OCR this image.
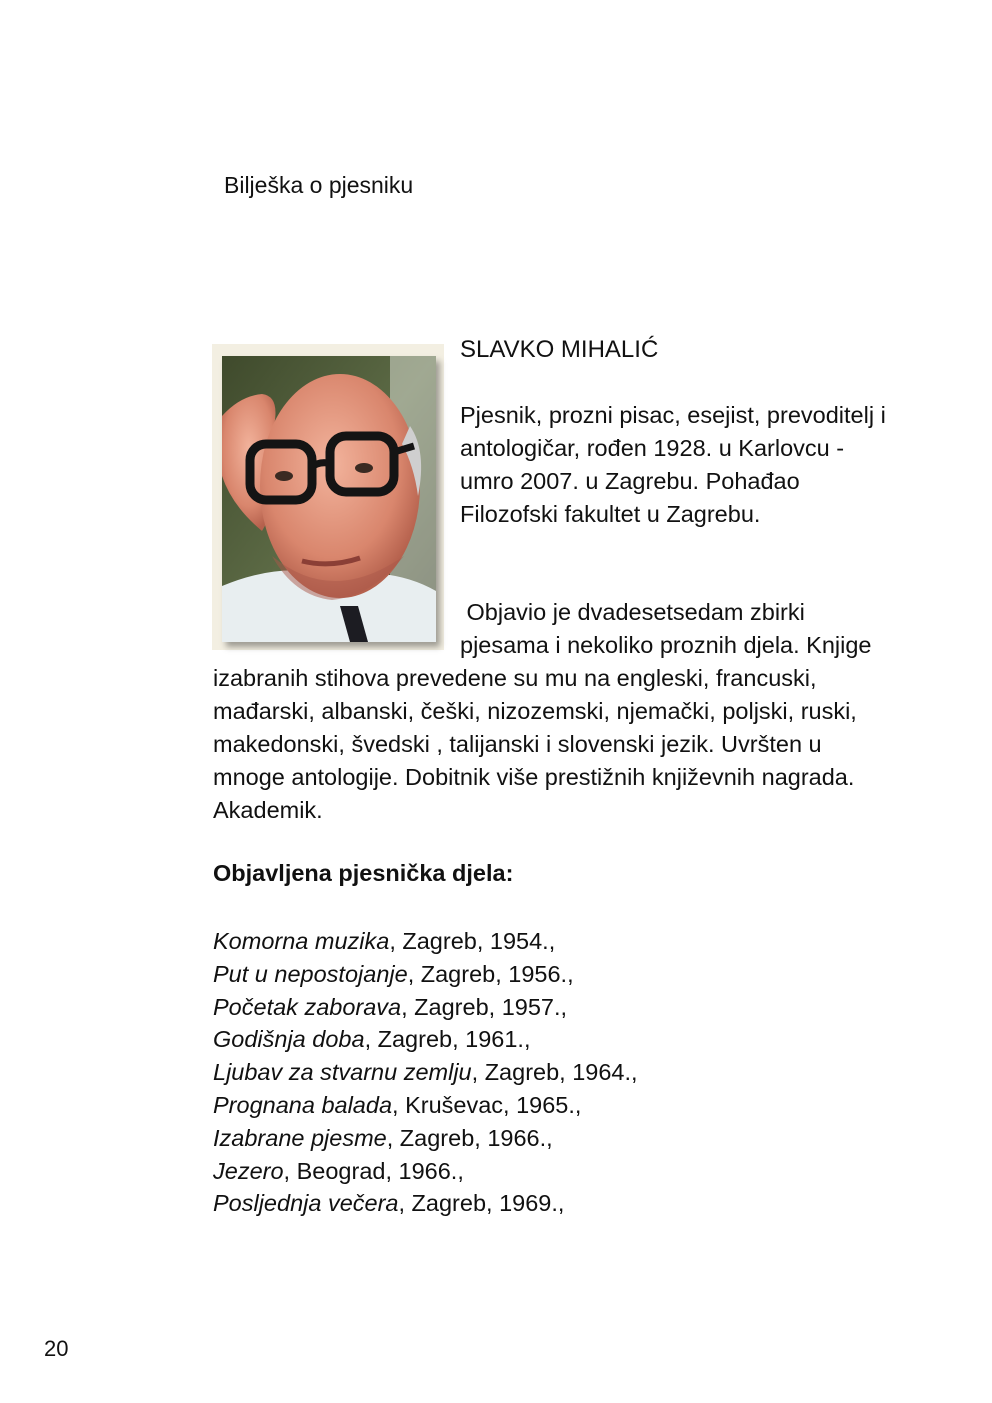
Bilješka o pjesniku
SLAVKO MIHALIĆ

Pjesnik, prozni pisac, esejist, prevoditelj i antologičar, rođen 1928. u Karlovcu - umro 2007. u Zagrebu. Pohađao Filozofski fakultet u Zagrebu.

Objavio je dvadesetsedam zbirki pjesama i nekoliko proznih djela. Knjige izabranih stihova prevedene su mu na engleski, francuski, mađarski, albanski, češki, nizozemski, njemački, poljski, ruski, makedonski, švedski , talijanski i slovenski jezik. Uvršten u mnoge antologije. Dobitnik više prestižnih književnih nagrada. Akademik.

Objavljena pjesnička djela:
Komorna muzika, Zagreb, 1954.,
Put u nepostojanje, Zagreb, 1956.,
Početak zaborava, Zagreb, 1957.,
Godišnja doba, Zagreb, 1961.,
Ljubav za stvarnu zemlju, Zagreb, 1964.,
Prognana balada, Kruševac, 1965.,
Izabrane pjesme, Zagreb, 1966.,
Jezero, Beograd, 1966.,
Posljednja večera, Zagreb, 1969.,
20
